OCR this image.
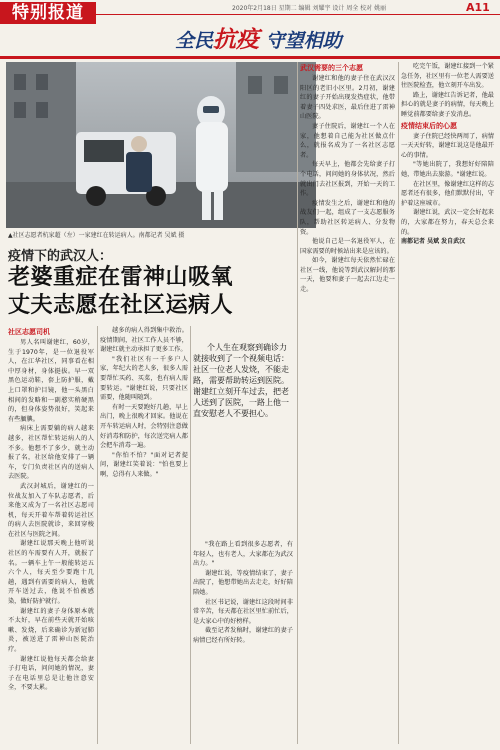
特别报道	2020年2月18日 星期二 编辑 刘耀宇 设计 周全 校对 姚丽	A11
全民抗疫 守望相助
▲社区志愿者杭家超（左）一家建红在转运病人。南都记者 吴斌 摄
疫情下的武汉人：
老婆重症在雷神山吸氧
丈夫志愿在社区运病人
社区志愿司机

男人名叫谢建红，60岁，生于1970年，是一位退役军人，在江华社区，同事看在相中厚身材，身体挺拔。早一双黑色运动鞋，套上防护服，戴上口罩和护目镜，他一头黑白相间的发略和一副憨实稍硬黑的，但身体姿势很好，笑起来有些腼腆。

病床上需要躺的病人越来越多，社区帮忙转运病人的人不多。他想不了多少，就主动报了名，社区给他安排了一辆车，专门负责社区内的送病人去医院。

武汉封城后，谢建红的一位战友加入了车队志愿者，后来他又成为了一名社区志愿司机，每天开着车帮着转运社区的病人去医院就诊，来回穿梭在社区与医院之间。

谢建红说那天晚上他听说社区的车需要有人开，就报了名。一辆车上午一般能转运五六个人，每天至少要跑十几趟，遇到有需要的病人，他就开车送过去，他说不怕被感染，做好防护就行。

谢建红的妻子身体原本就不太好，早在前些天就开始咳嗽、发烧，后来确诊为新冠肺炎，被送进了雷神山医院治疗。

谢建红说他每天都会给妻子打电话，问问她的情况，妻子在电话里总是让他注意安全，不要太累。

越多的病人得到集中救治。疫情期间，社区工作人员不够，谢建红就主动承担了更多工作。

"我们社区有一千多户人家，年纪大的老人多，很多人需要帮忙买药、买菜，也有病人需要转运。"谢建红说，只要社区需要，他随叫随到。

有时一天要跑好几趟，早上出门，晚上很晚才回家。他说在开车转运病人时，会特别注意做好消毒和防护，每次送完病人都会把车消毒一遍。

"你怕不怕？"面对记者提问，谢建红笑着说："怕也要上啊，总得有人来做。"

个人生在观察到确诊力就接收到了一个视频电话：社区一位老人发烧，不能走路，需要帮助转运到医院。谢建红立刻开车过去，把老人送到了医院，一路上他一直安慰老人不要担心。

"我在路上看到很多志愿者，有年轻人，也有老人，大家都在为武汉出力。"

谢建红说，等疫情结束了，妻子出院了，他想带她出去走走，好好陪陪她。

社区书记说，谢建红这段时间非常辛苦，每天都在社区里忙前忙后，是大家心中的好榜样。

截至记者发稿时，谢建红的妻子病情已经有所好转。

武汉需要的三个志愿

谢建红和他的妻子住在武汉汉阳区的老旧小区里。2月初，谢建红的妻子开始出现发热症状，他带着妻子四处求医，最后住进了雷神山医院。

妻子住院后，谢建红一个人在家，他想着自己能为社区做点什么，就报名成为了一名社区志愿者。

每天早上，他都会先给妻子打个电话，问问她的身体状况，然后就出门去社区报到，开始一天的工作。

疫情发生之后，谢建红和他的战友们一起，组成了一支志愿服务队，帮助社区转运病人、分发物资。

他说自己是一名退役军人，在国家需要的时候站出来是应该的。

如今，谢建红每天依然忙碌在社区一线，他说等到武汉解封的那一天，他要和妻子一起去江边走一走。

吃完午饭，谢建红接到一个紧急任务，社区里有一位老人需要送往医院检查，他立刻开车出发。

路上，谢建红告诉记者，他最担心的就是妻子的病情，每天晚上睡觉前都要给妻子发消息。

疫情结束后的心愿

妻子住院已经快两周了，病情一天天好转，谢建红说这是他最开心的事情。

"等她出院了，我想好好陪陪她，带她出去旅游。"谢建红说。

在社区里，像谢建红这样的志愿者还有很多，他们默默付出，守护着这座城市。

谢建红说，武汉一定会好起来的，大家都在努力，春天总会来的。

南都记者 吴斌 发自武汉
